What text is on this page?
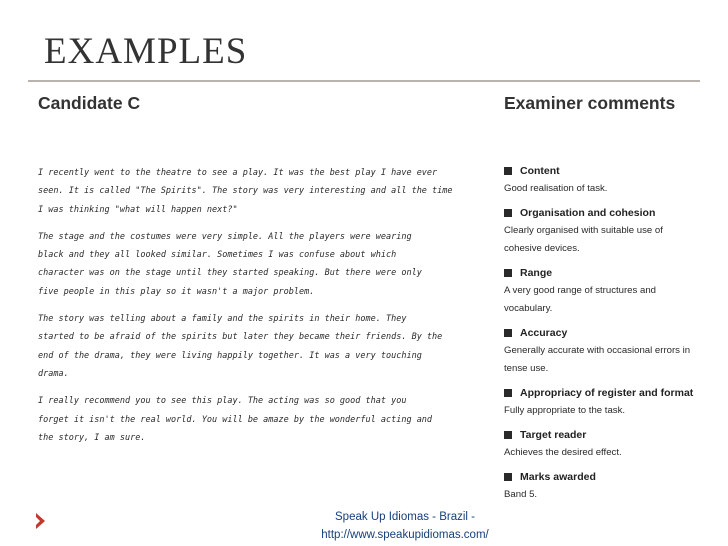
EXAMPLES
Candidate C	Examiner comments

I recently went to the theatre to see a play. It was the best play I have ever
seen. It is called "The Spirits". The story was very interesting and all the time
I was thinking "what will happen next?"

The stage and the costumes were very simple. All the players were wearing
black and they all looked similar. Sometimes I was confuse about which
character was on the stage until they started speaking. But there were only
five people in this play so it wasn't a major problem.

The story was telling about a family and the spirits in their home. They
started to be afraid of the spirits but later they became their friends. By the
end of the drama, they were living happily together. It was a very touching
drama.

I really recommend you to see this play. The acting was so good that you
forget it isn't the real world. You will be amaze by the wonderful acting and
the story, I am sure.

Content
Good realisation of task.
Organisation and cohesion
Clearly organised with suitable use of
cohesive devices.
Range
A very good range of structures and
vocabulary.
Accuracy
Generally accurate with occasional errors in
tense use.
Appropriacy of register and format
Fully appropriate to the task.
Target reader
Achieves the desired effect.
Marks awarded
Band 5.
Speak Up Idiomas - Brazil -
http://www.speakupidiomas.com/
